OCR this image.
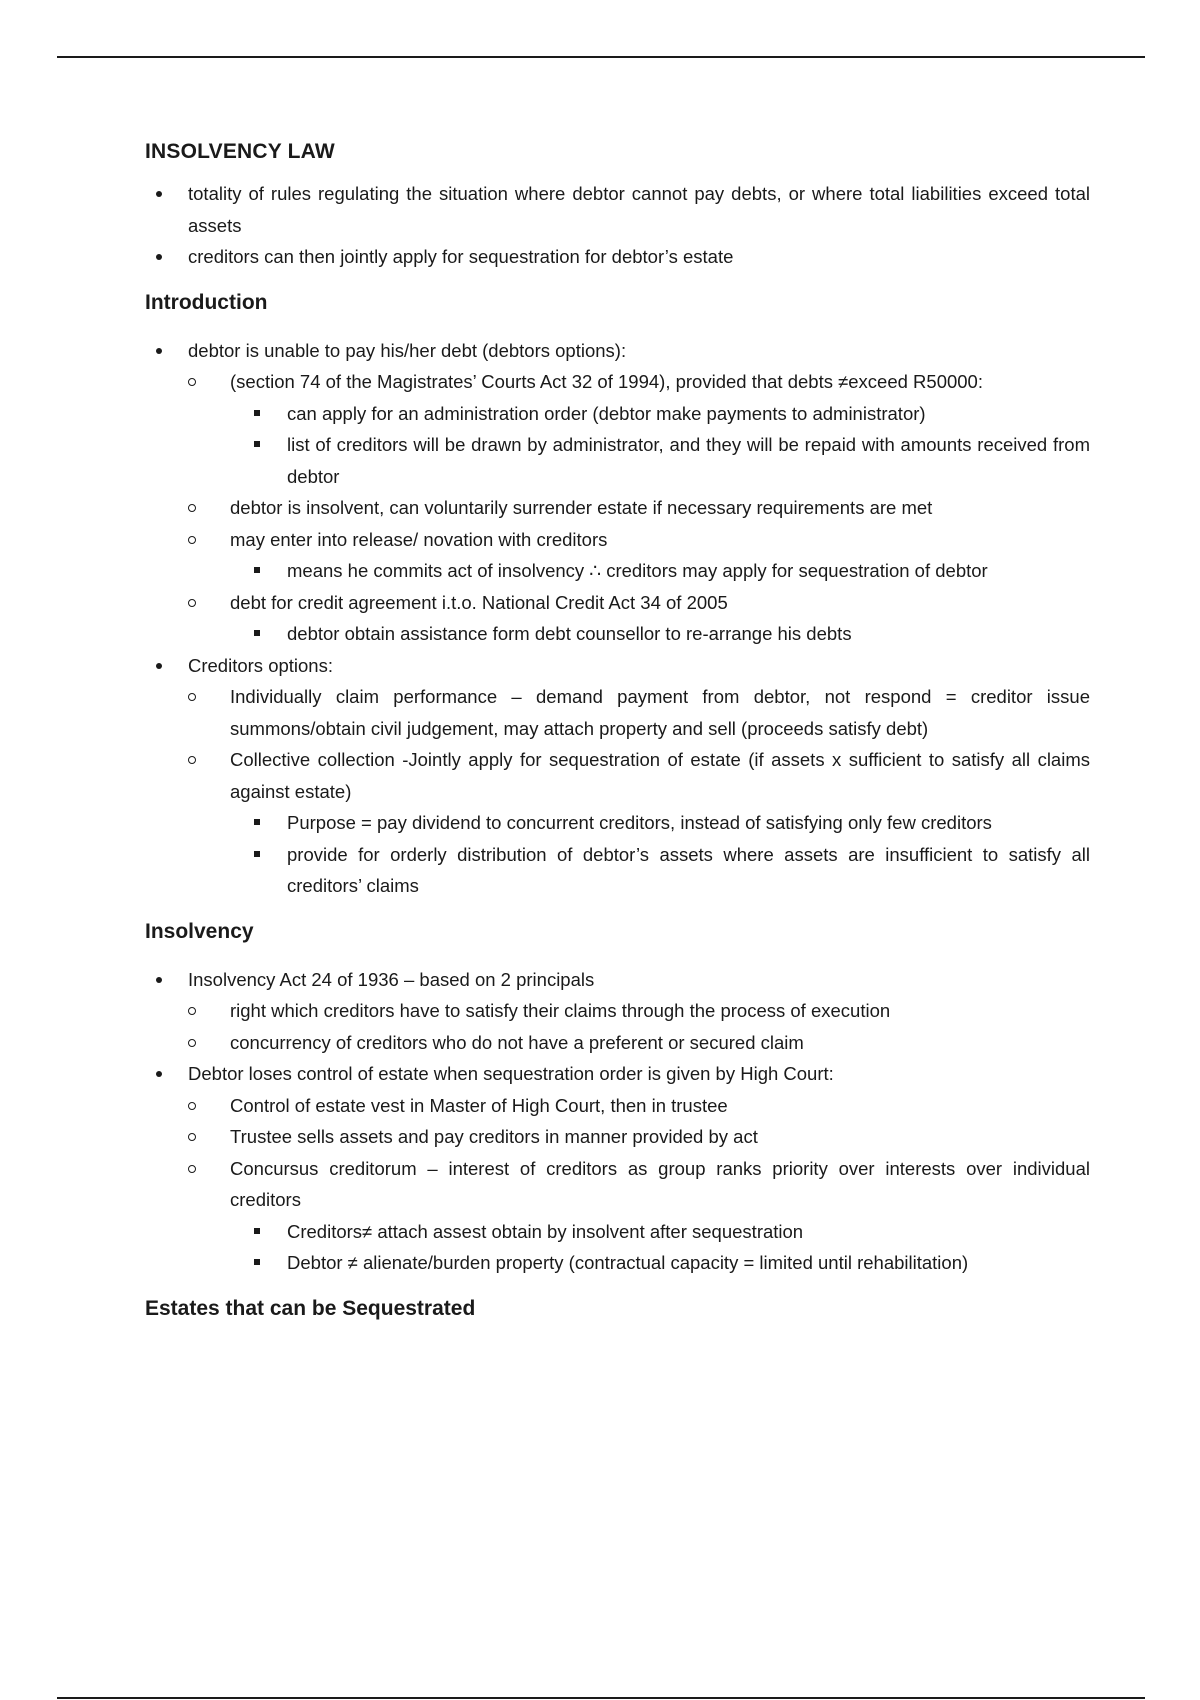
INSOLVENCY LAW
totality of rules regulating the situation where debtor cannot pay debts, or where total liabilities exceed total assets
creditors can then jointly apply for sequestration for debtor’s estate
Introduction
debtor is unable to pay his/her debt (debtors options):
(section 74 of the Magistrates’ Courts Act 32 of 1994), provided that debts ≠exceed R50000:
can apply for an administration order (debtor make payments to administrator)
list of creditors will be drawn by administrator, and they will be repaid with amounts received from debtor
debtor is insolvent, can voluntarily surrender estate if necessary requirements are met
may enter into release/ novation with creditors
means he commits act of insolvency ∴ creditors may apply for sequestration of debtor
debt for credit agreement i.t.o. National Credit Act 34 of 2005
debtor obtain assistance form debt counsellor to re-arrange his debts
Creditors options:
Individually claim performance – demand payment from debtor, not respond = creditor issue summons/obtain civil judgement, may attach property and sell (proceeds satisfy debt)
Collective collection -Jointly apply for sequestration of estate (if assets x sufficient to satisfy all claims against estate)
Purpose = pay dividend to concurrent creditors, instead of satisfying only few creditors
provide for orderly distribution of debtor’s assets where assets are insufficient to satisfy all creditors’ claims
Insolvency
Insolvency Act 24 of 1936 – based on 2 principals
right which creditors have to satisfy their claims through the process of execution
concurrency of creditors who do not have a preferent or secured claim
Debtor loses control of estate when sequestration order is given by High Court:
Control of estate vest in Master of High Court, then in trustee
Trustee sells assets and pay creditors in manner provided by act
Concursus creditorum – interest of creditors as group ranks priority over interests over individual creditors
Creditors≠ attach assest obtain by insolvent after sequestration
Debtor ≠ alienate/burden property (contractual capacity = limited until rehabilitation)
Estates that can be Sequestrated
